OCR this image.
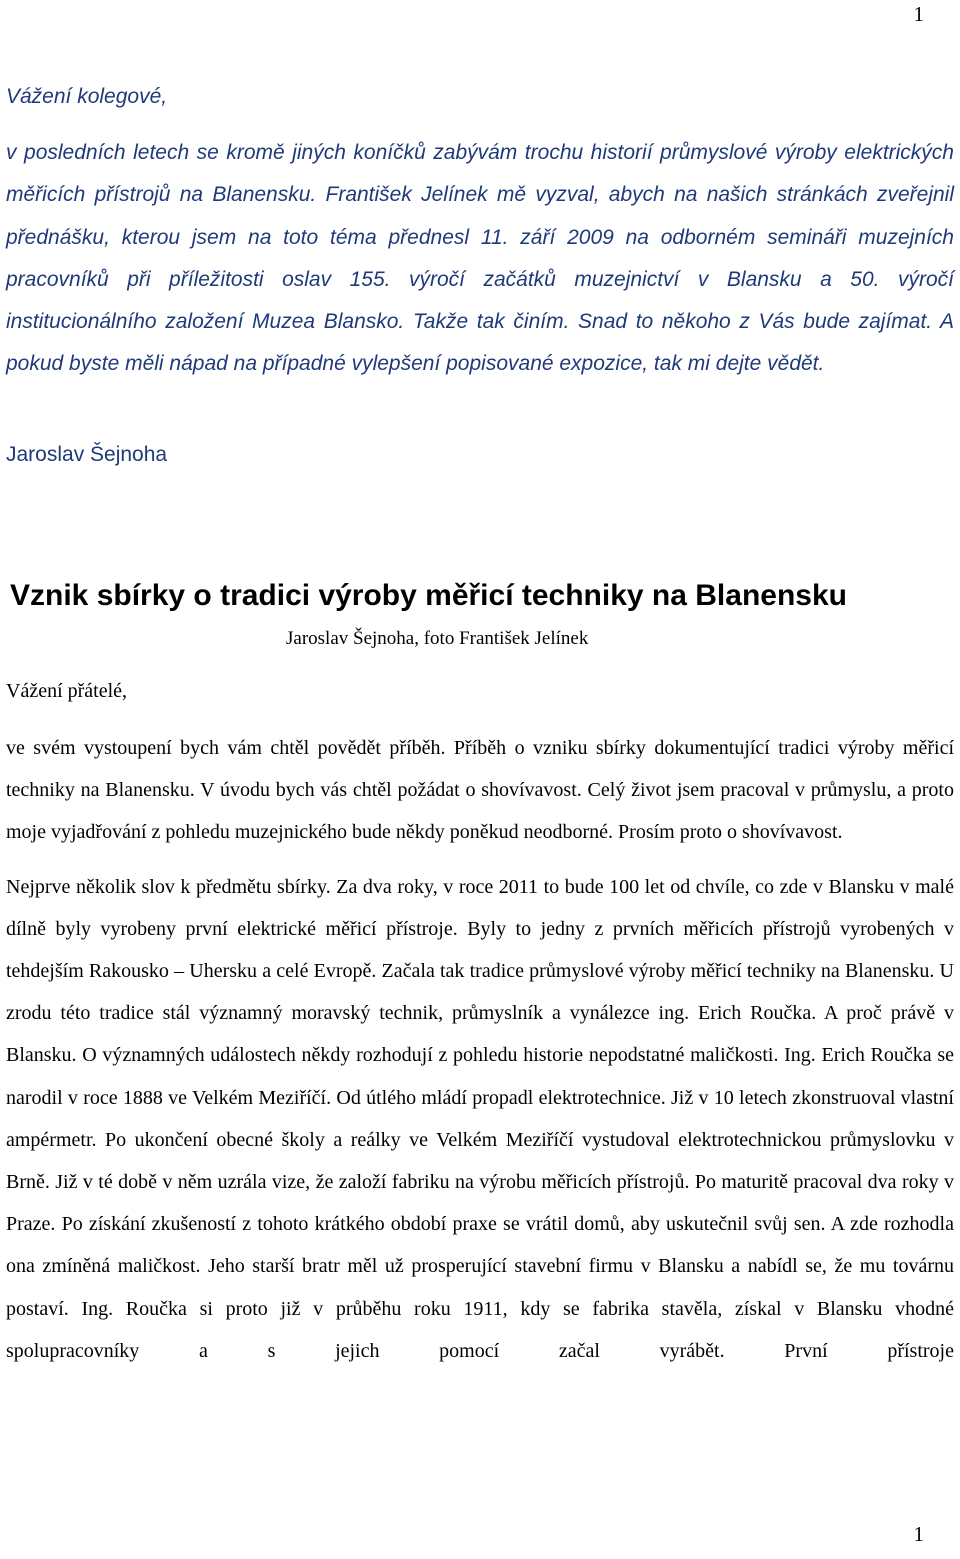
1

Vážení kolegové,

v posledních letech se kromě jiných koníčků zabývám trochu historií průmyslové výroby elektrických měřicích přístrojů na Blanensku. František Jelínek mě vyzval, abych na našich stránkách zveřejnil přednášku, kterou jsem na toto téma přednesl 11. září 2009 na odborném semináři muzejních pracovníků při příležitosti oslav 155. výročí začátků muzejnictví v Blansku a 50. výročí institucionálního založení Muzea Blansko. Takže tak činím. Snad to někoho z Vás bude zajímat. A pokud byste měli nápad na případné vylepšení popisované expozice, tak mi dejte vědět.

Jaroslav Šejnoha
Vznik sbírky o tradici výroby měřicí techniky na Blanensku
Jaroslav Šejnoha, foto František Jelínek
Vážení přátelé,

ve svém vystoupení bych vám chtěl povědět příběh. Příběh o vzniku sbírky dokumentující tradici výroby měřicí techniky na Blanensku. V úvodu bych vás chtěl požádat o shovívavost. Celý život jsem pracoval v průmyslu, a proto moje vyjadřování z pohledu muzejnického bude někdy poněkud neodborné. Prosím proto o shovívavost.

Nejprve několik slov k předmětu sbírky. Za dva roky, v roce 2011 to bude 100 let od chvíle, co zde v Blansku v malé dílně byly vyrobeny první elektrické měřicí přístroje. Byly to jedny z prvních měřicích přístrojů vyrobených v tehdejším Rakousko – Uhersku a celé Evropě. Začala tak tradice průmyslové výroby měřicí techniky na Blanensku. U zrodu této tradice stál významný moravský technik, průmyslník a vynálezce ing. Erich Roučka. A proč právě v Blansku. O významných událostech někdy rozhodují z pohledu historie nepodstatné maličkosti. Ing. Erich Roučka se narodil v roce 1888 ve Velkém Meziříčí. Od útlého mládí propadl elektrotechnice. Již v 10 letech zkonstruoval vlastní ampérmetr. Po ukončení obecné školy a reálky ve Velkém Meziříčí vystudoval elektrotechnickou průmyslovku v Brně. Již v té době v něm uzrála vize, že založí fabriku na výrobu měřicích přístrojů. Po maturitě pracoval dva roky v Praze. Po získání zkušeností z tohoto krátkého období praxe se vrátil domů, aby uskutečnil svůj sen. A zde rozhodla ona zmíněná maličkost. Jeho starší bratr měl už prosperující stavební firmu v Blansku a nabídl se, že mu továrnu postaví. Ing. Roučka si proto již v průběhu roku 1911, kdy se fabrika stavěla, získal v Blansku vhodné spolupracovníky a s jejich pomocí začal vyrábět. První přístroje

1
